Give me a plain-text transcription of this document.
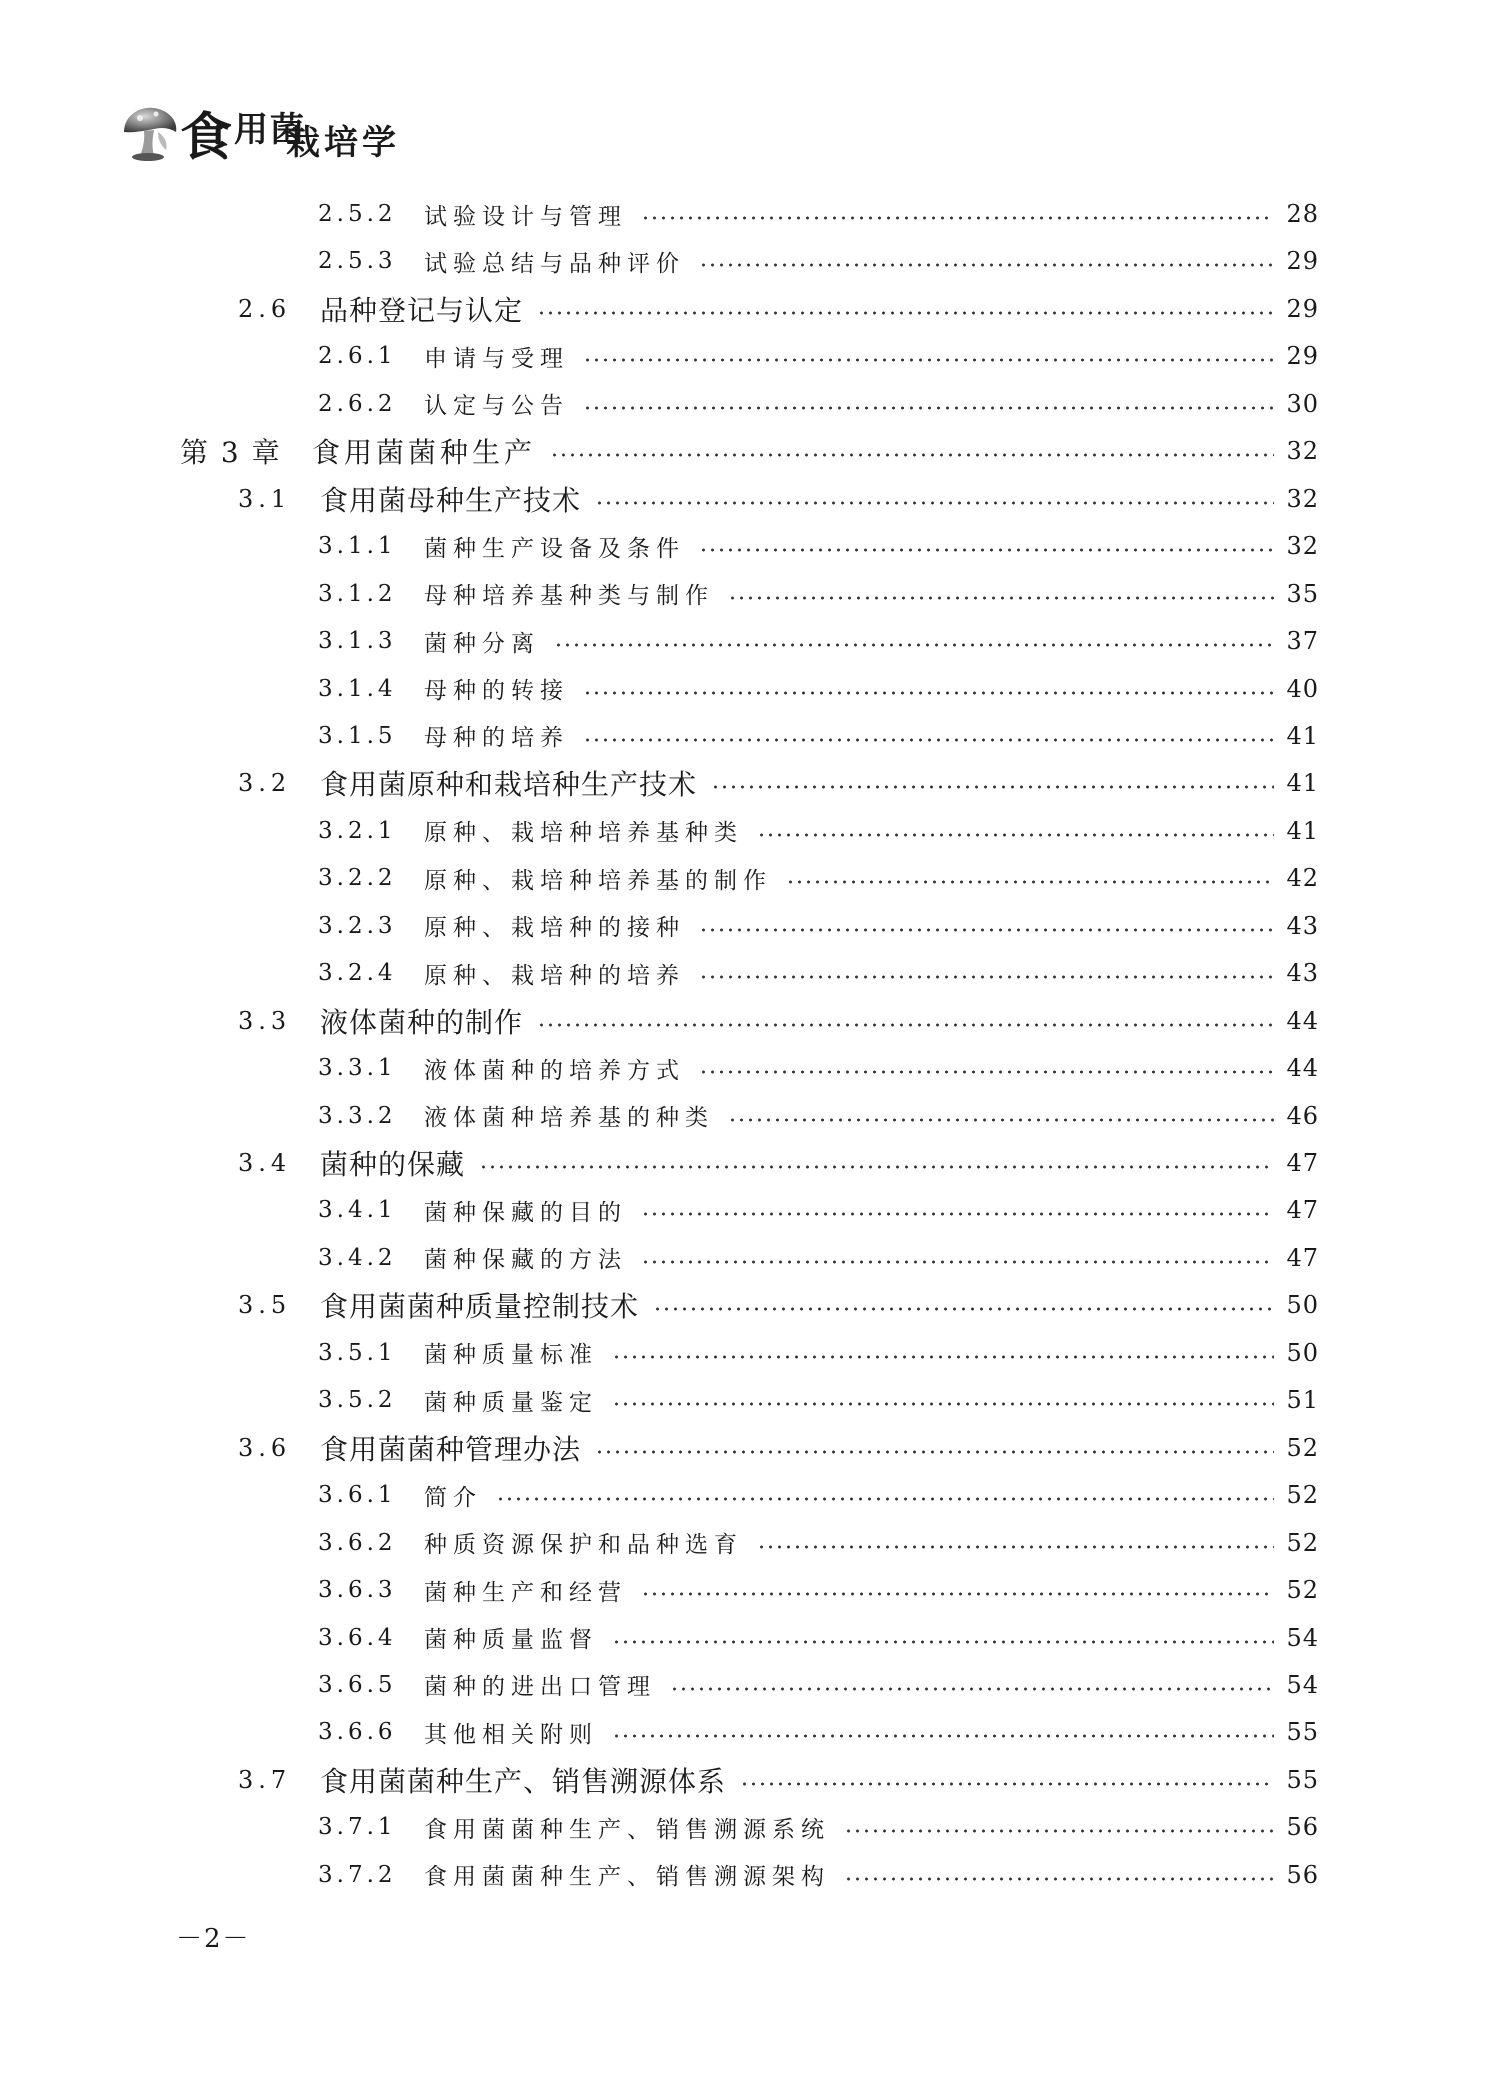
食$^{用菌}$
栽培学
2.5.2 试验设计与管理	28
2.5.3 试验总结与品种评价	29
2.6 品种登记与认定	29
2.6.1 申请与受理	29
2.6.2 认定与公告	30
第 3 章 食用菌菌种生产	32
3.1 食用菌母种生产技术	32
3.1.1 菌种生产设备及条件	32
3.1.2 母种培养基种类与制作	35
3.1.3 菌种分离	37
3.1.4 母种的转接	40
3.1.5 母种的培养	41
3.2 食用菌原种和栽培种生产技术	41
3.2.1 原种、栽培种培养基种类	41
3.2.2 原种、栽培种培养基的制作	42
3.2.3 原种、栽培种的接种	43
3.2.4 原种、栽培种的培养	43
3.3 液体菌种的制作	44
3.3.1 液体菌种的培养方式	44
3.3.2 液体菌种培养基的种类	46
3.4 菌种的保藏	47
3.4.1 菌种保藏的目的	47
3.4.2 菌种保藏的方法	47
3.5 食用菌菌种质量控制技术	50
3.5.1 菌种质量标准	50
3.5.2 菌种质量鉴定	51
3.6 食用菌菌种管理办法	52
3.6.1 简介	52
3.6.2 种质资源保护和品种选育	52
3.6.3 菌种生产和经营	52
3.6.4 菌种质量监督	54
3.6.5 菌种的进出口管理	54
3.6.6 其他相关附则	55
3.7 食用菌菌种生产、销售溯源体系	55
3.7.1 食用菌菌种生产、销售溯源系统	56
3.7.2 食用菌菌种生产、销售溯源架构	56
－2－
